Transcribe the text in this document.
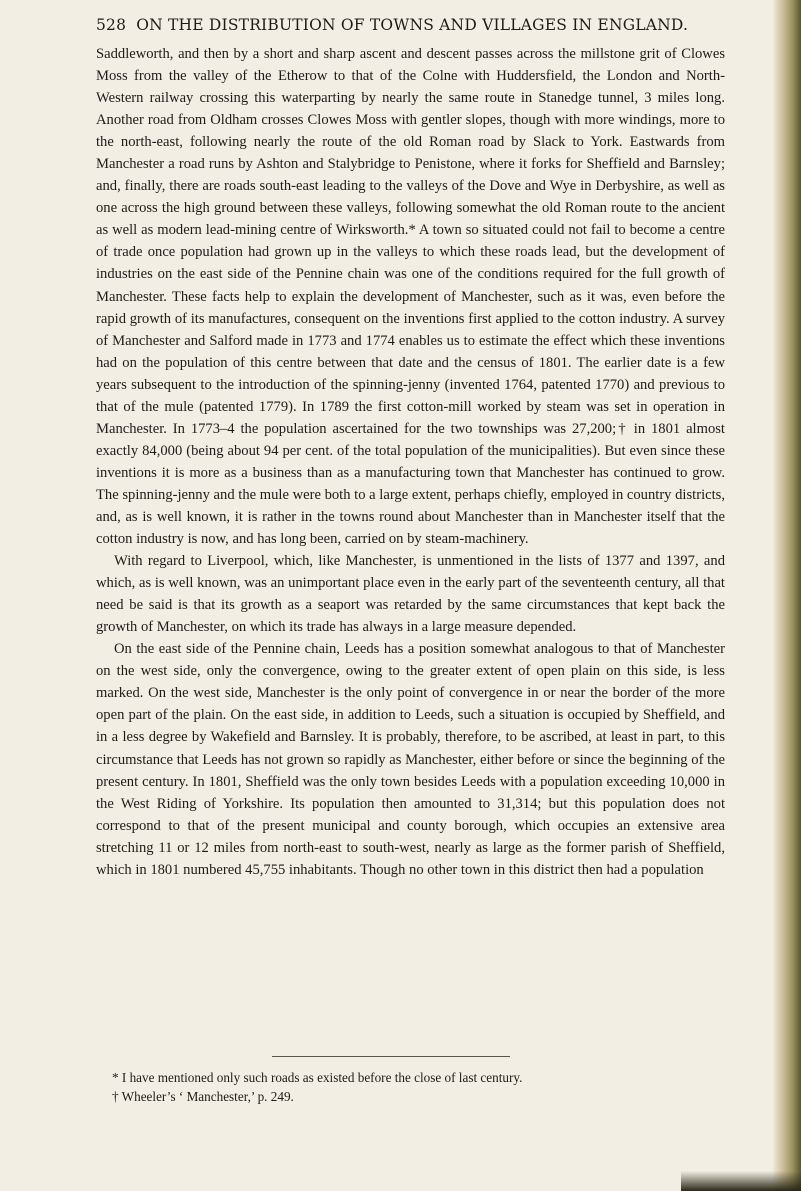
528 ON THE DISTRIBUTION OF TOWNS AND VILLAGES IN ENGLAND.

Saddleworth, and then by a short and sharp ascent and descent passes across the millstone grit of Clowes Moss from the valley of the Etherow to that of the Colne with Huddersfield, the London and North-Western railway crossing this waterparting by nearly the same route in Stanedge tunnel, 3 miles long. Another road from Oldham crosses Clowes Moss with gentler slopes, though with more windings, more to the north-east, following nearly the route of the old Roman road by Slack to York. Eastwards from Manchester a road runs by Ashton and Stalybridge to Penistone, where it forks for Sheffield and Barnsley; and, finally, there are roads south-east leading to the valleys of the Dove and Wye in Derbyshire, as well as one across the high ground between these valleys, following somewhat the old Roman route to the ancient as well as modern lead-mining centre of Wirksworth.* A town so situated could not fail to become a centre of trade once population had grown up in the valleys to which these roads lead, but the development of industries on the east side of the Pennine chain was one of the conditions required for the full growth of Manchester. These facts help to explain the development of Manchester, such as it was, even before the rapid growth of its manufactures, consequent on the inventions first applied to the cotton industry. A survey of Manchester and Salford made in 1773 and 1774 enables us to estimate the effect which these inventions had on the population of this centre between that date and the census of 1801. The earlier date is a few years subsequent to the introduction of the spinning-jenny (invented 1764, patented 1770) and previous to that of the mule (patented 1779). In 1789 the first cotton-mill worked by steam was set in operation in Manchester. In 1773–4 the population ascertained for the two townships was 27,200;† in 1801 almost exactly 84,000 (being about 94 per cent. of the total population of the municipalities). But even since these inventions it is more as a business than as a manufacturing town that Manchester has continued to grow. The spinning-jenny and the mule were both to a large extent, perhaps chiefly, employed in country districts, and, as is well known, it is rather in the towns round about Manchester than in Manchester itself that the cotton industry is now, and has long been, carried on by steam-machinery.

With regard to Liverpool, which, like Manchester, is unmentioned in the lists of 1377 and 1397, and which, as is well known, was an unimportant place even in the early part of the seventeenth century, all that need be said is that its growth as a seaport was retarded by the same circumstances that kept back the growth of Manchester, on which its trade has always in a large measure depended.

On the east side of the Pennine chain, Leeds has a position somewhat analogous to that of Manchester on the west side, only the convergence, owing to the greater extent of open plain on this side, is less marked. On the west side, Manchester is the only point of convergence in or near the border of the more open part of the plain. On the east side, in addition to Leeds, such a situation is occupied by Sheffield, and in a less degree by Wakefield and Barnsley. It is probably, therefore, to be ascribed, at least in part, to this circumstance that Leeds has not grown so rapidly as Manchester, either before or since the beginning of the present century. In 1801, Sheffield was the only town besides Leeds with a population exceeding 10,000 in the West Riding of Yorkshire. Its population then amounted to 31,314; but this population does not correspond to that of the present municipal and county borough, which occupies an extensive area stretching 11 or 12 miles from north-east to south-west, nearly as large as the former parish of Sheffield, which in 1801 numbered 45,755 inhabitants. Though no other town in this district then had a population

* I have mentioned only such roads as existed before the close of last century.

† Wheeler’s ‘ Manchester,’ p. 249.
